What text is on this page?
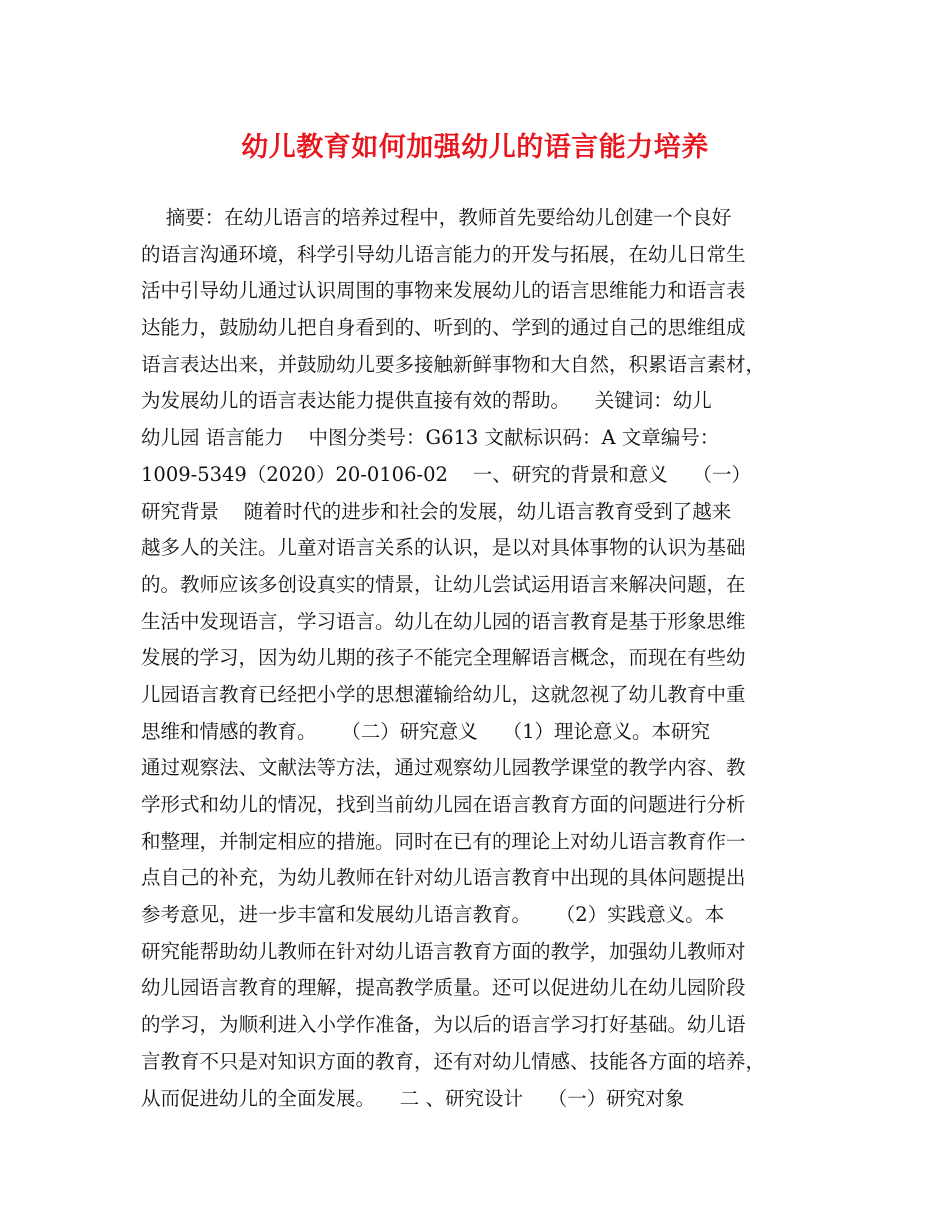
幼儿教育如何加强幼儿的语言能力培养
摘要：在幼儿语言的培养过程中，教师首先要给幼儿创建一个良好
的语言沟通环境，科学引导幼儿语言能力的开发与拓展，在幼儿日常生
活中引导幼儿通过认识周围的事物来发展幼儿的语言思维能力和语言表
达能力，鼓励幼儿把自身看到的、听到的、学到的通过自己的思维组成
语言表达出来，并鼓励幼儿要多接触新鲜事物和大自然，积累语言素材，
为发展幼儿的语言表达能力提供直接有效的帮助。    关键词：幼儿
幼儿园 语言能力    中图分类号：G613 文献标识码：A 文章编号：
1009-5349（2020）20-0106-02    一、研究的背景和意义    （一）
研究背景    随着时代的进步和社会的发展，幼儿语言教育受到了越来
越多人的关注。儿童对语言关系的认识，是以对具体事物的认识为基础
的。教师应该多创设真实的情景，让幼儿尝试运用语言来解决问题，在
生活中发现语言，学习语言。幼儿在幼儿园的语言教育是基于形象思维
发展的学习，因为幼儿期的孩子不能完全理解语言概念，而现在有些幼
儿园语言教育已经把小学的思想灌输给幼儿，这就忽视了幼儿教育中重
思维和情感的教育。    （二）研究意义    （1）理论意义。本研究
通过观察法、文献法等方法，通过观察幼儿园教学课堂的教学内容、教
学形式和幼儿的情况，找到当前幼儿园在语言教育方面的问题进行分析
和整理，并制定相应的措施。同时在已有的理论上对幼儿语言教育作一
点自己的补充，为幼儿教师在针对幼儿语言教育中出现的具体问题提出
参考意见，进一步丰富和发展幼儿语言教育。    （2）实践意义。本
研究能帮助幼儿教师在针对幼儿语言教育方面的教学，加强幼儿教师对
幼儿园语言教育的理解，提高教学质量。还可以促进幼儿在幼儿园阶段
的学习，为顺利进入小学作准备，为以后的语言学习打好基础。幼儿语
言教育不只是对知识方面的教育，还有对幼儿情感、技能各方面的培养，
从而促进幼儿的全面发展。    二 、研究设计    （一）研究对象
